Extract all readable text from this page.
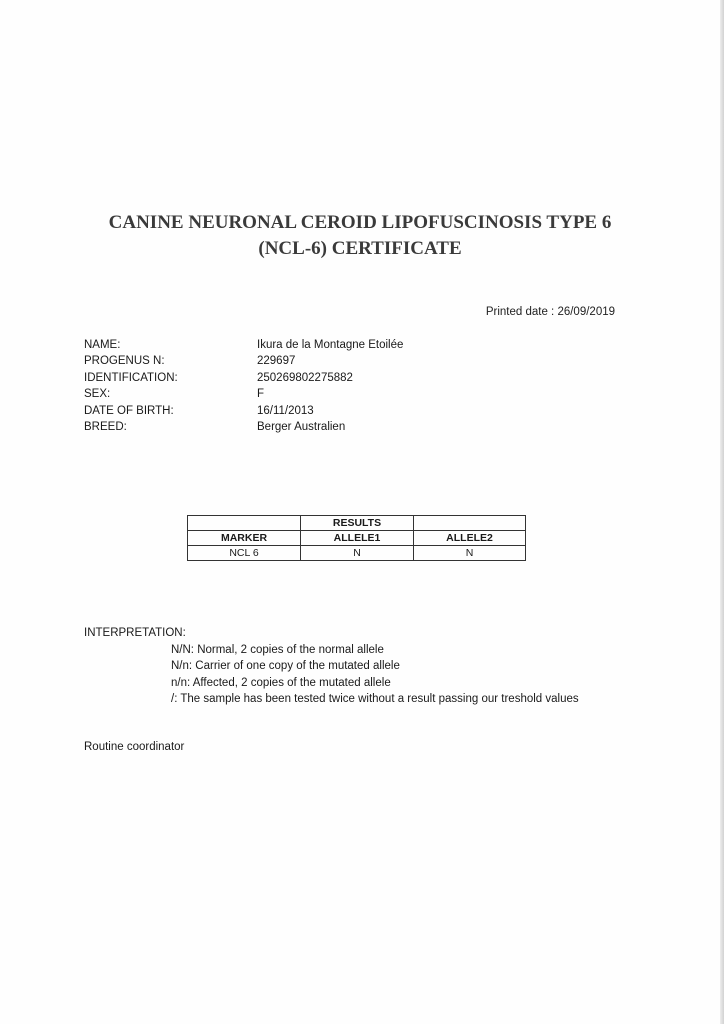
CANINE NEURONAL CEROID LIPOFUSCINOSIS TYPE 6
(NCL-6) CERTIFICATE
Printed date : 26/09/2019
NAME:	Ikura de la Montagne Etoilée
PROGENUS N:	229697
IDENTIFICATION:	250269802275882
SEX:	F
DATE OF BIRTH:	16/11/2013
BREED:	Berger Australien
	RESULTS	
MARKER	ALLELE1	ALLELE2
NCL 6	N	N
INTERPRETATION:
N/N: Normal, 2 copies of the normal allele
N/n: Carrier of one copy of the mutated allele
n/n: Affected, 2 copies of the mutated allele
/: The sample has been tested twice without a result passing our treshold values
Routine coordinator
